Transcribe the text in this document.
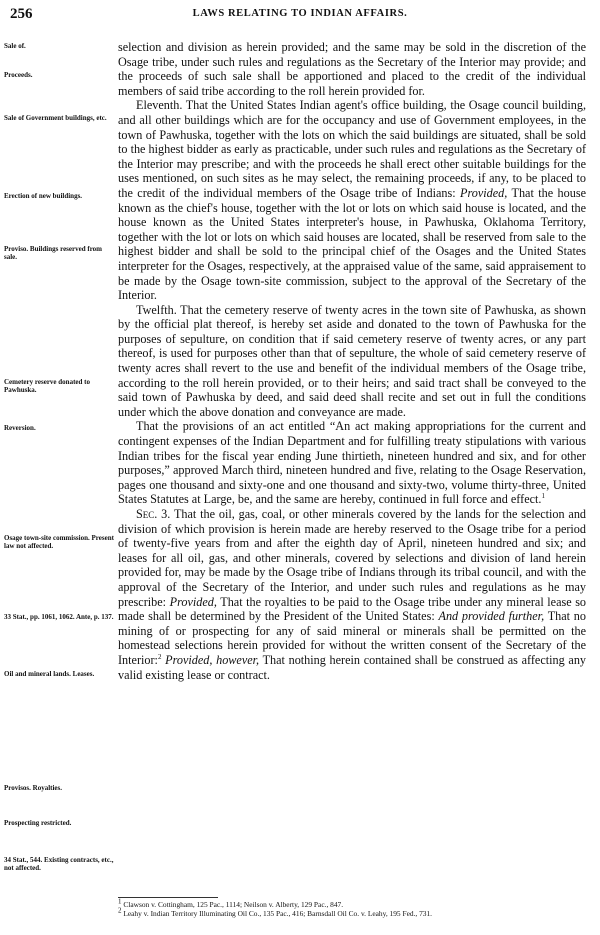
256	LAWS RELATING TO INDIAN AFFAIRS.
Sale of.
Proceeds.
Sale of Government buildings, etc.
Erection of new buildings.
Proviso. Buildings reserved from sale.
Cemetery reserve donated to Pawhuska.
Reversion.
Osage town-site commission. Present law not affected.
33 Stat., pp. 1061, 1062. Ante, p. 137.
Oil and mineral lands. Leases.
Provisos. Royalties.
Prospecting restricted.
34 Stat., 544. Existing contracts, etc., not affected.

selection and division as herein provided; and the same may be sold in the discretion of the Osage tribe, under such rules and regulations as the Secretary of the Interior may provide; and the proceeds of such sale shall be apportioned and placed to the credit of the individual members of said tribe according to the roll herein provided for.

Eleventh. That the United States Indian agent's office building, the Osage council building, and all other buildings which are for the occupancy and use of Government employees, in the town of Pawhuska, together with the lots on which the said buildings are situated, shall be sold to the highest bidder as early as practicable, under such rules and regulations as the Secretary of the Interior may prescribe; and with the proceeds he shall erect other suitable buildings for the uses mentioned, on such sites as he may select, the remaining proceeds, if any, to be placed to the credit of the individual members of the Osage tribe of Indians: Provided, That the house known as the chief's house, together with the lot or lots on which said house is located, and the house known as the United States interpreter's house, in Pawhuska, Oklahoma Territory, together with the lot or lots on which said houses are located, shall be reserved from sale to the highest bidder and shall be sold to the principal chief of the Osages and the United States interpreter for the Osages, respectively, at the appraised value of the same, said appraisement to be made by the Osage town-site commission, subject to the approval of the Secretary of the Interior.

Twelfth. That the cemetery reserve of twenty acres in the town site of Pawhuska, as shown by the official plat thereof, is hereby set aside and donated to the town of Pawhuska for the purposes of sepulture, on condition that if said cemetery reserve of twenty acres, or any part thereof, is used for purposes other than that of sepulture, the whole of said cemetery reserve of twenty acres shall revert to the use and benefit of the individual members of the Osage tribe, according to the roll herein provided, or to their heirs; and said tract shall be conveyed to the said town of Pawhuska by deed, and said deed shall recite and set out in full the conditions under which the above donation and conveyance are made.

That the provisions of an act entitled “An act making appropriations for the current and contingent expenses of the Indian Department and for fulfilling treaty stipulations with various Indian tribes for the fiscal year ending June thirtieth, nineteen hundred and six, and for other purposes,” approved March third, nineteen hundred and five, relating to the Osage Reservation, pages one thousand and sixty-one and one thousand and sixty-two, volume thirty-three, United States Statutes at Large, be, and the same are hereby, continued in full force and effect.$^1$

Sec. 3. That the oil, gas, coal, or other minerals covered by the lands for the selection and division of which provision is herein made are hereby reserved to the Osage tribe for a period of twenty-five years from and after the eighth day of April, nineteen hundred and six; and leases for all oil, gas, and other minerals, covered by selections and division of land herein provided for, may be made by the Osage tribe of Indians through its tribal council, and with the approval of the Secretary of the Interior, and under such rules and regulations as he may prescribe: Provided, That the royalties to be paid to the Osage tribe under any mineral lease so made shall be determined by the President of the United States: And provided further, That no mining of or prospecting for any of said mineral or minerals shall be permitted on the homestead selections herein provided for without the written consent of the Secretary of the Interior:$^2$ Provided, however, That nothing herein contained shall be construed as affecting any valid existing lease or contract.

$^1$ Clawson v. Cottingham, 125 Pac., 1114; Neilson v. Alberty, 129 Pac., 847.
$^2$ Leahy v. Indian Territory Illuminating Oil Co., 135 Pac., 416; Barnsdall Oil Co. v. Leahy, 195 Fed., 731.
